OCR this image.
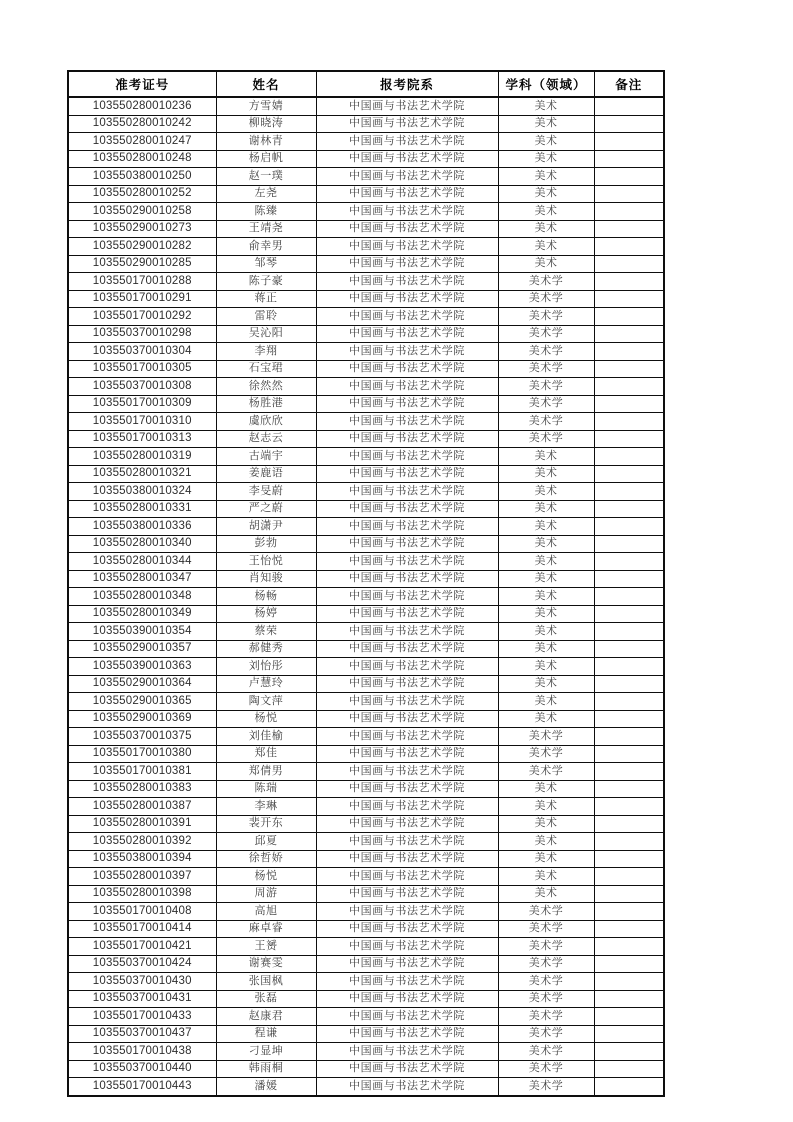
准考证号	姓名	报考院系	学科（领域）	备注
103550280010236	方雪婧	中国画与书法艺术学院	美术	
103550280010242	柳晓涛	中国画与书法艺术学院	美术	
103550280010247	谢林青	中国画与书法艺术学院	美术	
103550280010248	杨启帆	中国画与书法艺术学院	美术	
103550380010250	赵一璞	中国画与书法艺术学院	美术	
103550280010252	左尧	中国画与书法艺术学院	美术	
103550290010258	陈臻	中国画与书法艺术学院	美术	
103550290010273	王靖尧	中国画与书法艺术学院	美术	
103550290010282	俞幸男	中国画与书法艺术学院	美术	
103550290010285	邹琴	中国画与书法艺术学院	美术	
103550170010288	陈子豪	中国画与书法艺术学院	美术学	
103550170010291	蒋正	中国画与书法艺术学院	美术学	
103550170010292	雷聆	中国画与书法艺术学院	美术学	
103550370010298	吴沁阳	中国画与书法艺术学院	美术学	
103550370010304	李翔	中国画与书法艺术学院	美术学	
103550170010305	石宝珺	中国画与书法艺术学院	美术学	
103550370010308	徐然然	中国画与书法艺术学院	美术学	
103550170010309	杨胜港	中国画与书法艺术学院	美术学	
103550170010310	虞欣欣	中国画与书法艺术学院	美术学	
103550170010313	赵志云	中国画与书法艺术学院	美术学	
103550280010319	古端宇	中国画与书法艺术学院	美术	
103550280010321	姜鹿语	中国画与书法艺术学院	美术	
103550380010324	李旻蔚	中国画与书法艺术学院	美术	
103550280010331	严之蔚	中国画与书法艺术学院	美术	
103550380010336	胡潇尹	中国画与书法艺术学院	美术	
103550280010340	彭勃	中国画与书法艺术学院	美术	
103550280010344	王怡悦	中国画与书法艺术学院	美术	
103550280010347	肖知骏	中国画与书法艺术学院	美术	
103550280010348	杨畅	中国画与书法艺术学院	美术	
103550280010349	杨婷	中国画与书法艺术学院	美术	
103550390010354	蔡荣	中国画与书法艺术学院	美术	
103550290010357	郝健秀	中国画与书法艺术学院	美术	
103550390010363	刘怡彤	中国画与书法艺术学院	美术	
103550290010364	卢慧玲	中国画与书法艺术学院	美术	
103550290010365	陶文萍	中国画与书法艺术学院	美术	
103550290010369	杨悦	中国画与书法艺术学院	美术	
103550370010375	刘佳榆	中国画与书法艺术学院	美术学	
103550170010380	郑佳	中国画与书法艺术学院	美术学	
103550170010381	郑倩男	中国画与书法艺术学院	美术学	
103550280010383	陈瑞	中国画与书法艺术学院	美术	
103550280010387	李琳	中国画与书法艺术学院	美术	
103550280010391	裴开东	中国画与书法艺术学院	美术	
103550280010392	邱夏	中国画与书法艺术学院	美术	
103550380010394	徐哲娇	中国画与书法艺术学院	美术	
103550280010397	杨悦	中国画与书法艺术学院	美术	
103550280010398	周游	中国画与书法艺术学院	美术	
103550170010408	高旭	中国画与书法艺术学院	美术学	
103550170010414	麻卓睿	中国画与书法艺术学院	美术学	
103550170010421	王赟	中国画与书法艺术学院	美术学	
103550370010424	谢赛雯	中国画与书法艺术学院	美术学	
103550370010430	张国枫	中国画与书法艺术学院	美术学	
103550370010431	张磊	中国画与书法艺术学院	美术学	
103550170010433	赵康君	中国画与书法艺术学院	美术学	
103550370010437	程谦	中国画与书法艺术学院	美术学	
103550170010438	刁显坤	中国画与书法艺术学院	美术学	
103550370010440	韩雨桐	中国画与书法艺术学院	美术学	
103550170010443	潘媛	中国画与书法艺术学院	美术学	
